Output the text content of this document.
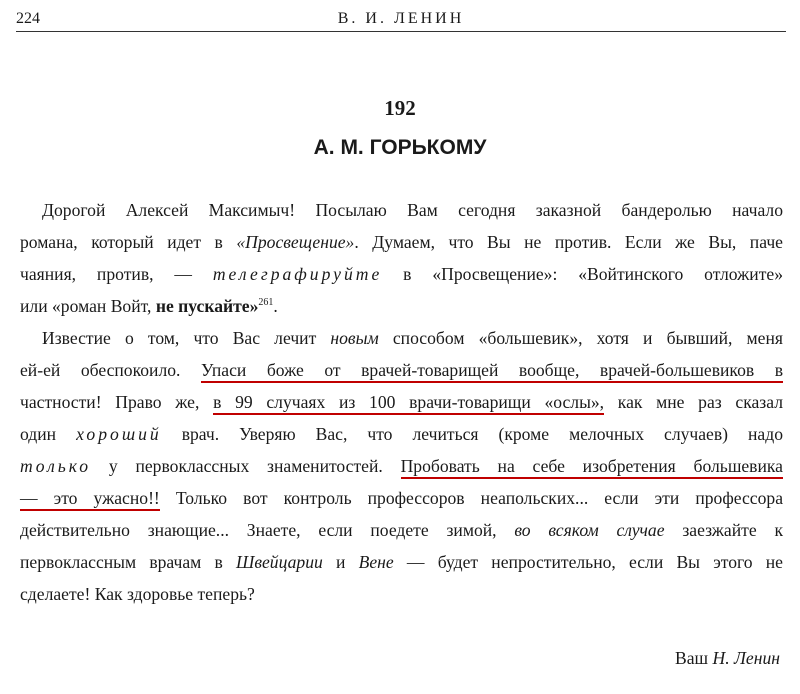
224	В. И. ЛЕНИН
192
А. М. ГОРЬКОМУ
Дорогой Алексей Максимыч! Посылаю Вам сегодня заказной бандеролью начало
романа, который идет в «Просвещение». Думаем, что Вы не против. Если же Вы, паче
чаяния, против, — телеграфируйте в «Просвещение»: «Войтинского отложите»
или «роман Войт, не пускайте»$^{261}$.
Известие о том, что Вас лечит новым способом «большевик», хотя и бывший, меня
ей-ей обеспокоило. Упаси боже от врачей-товарищей вообще, врачей-большевиков в
частности! Право же, в 99 случаях из 100 врачи-товарищи «ослы», как мне раз сказал
один хороший врач. Уверяю Вас, что лечиться (кроме мелочных случаев) надо
только у первоклассных знаменитостей. Пробовать на себе изобретения большевика
— это ужасно!! Только вот контроль профессоров неапольских... если эти профессора
действительно знающие... Знаете, если поедете зимой, во всяком случае заезжайте к
первоклассным врачам в Швейцарии и Вене — будет непростительно, если Вы этого не
сделаете! Как здоровье теперь?
Ваш Н. Ленин
